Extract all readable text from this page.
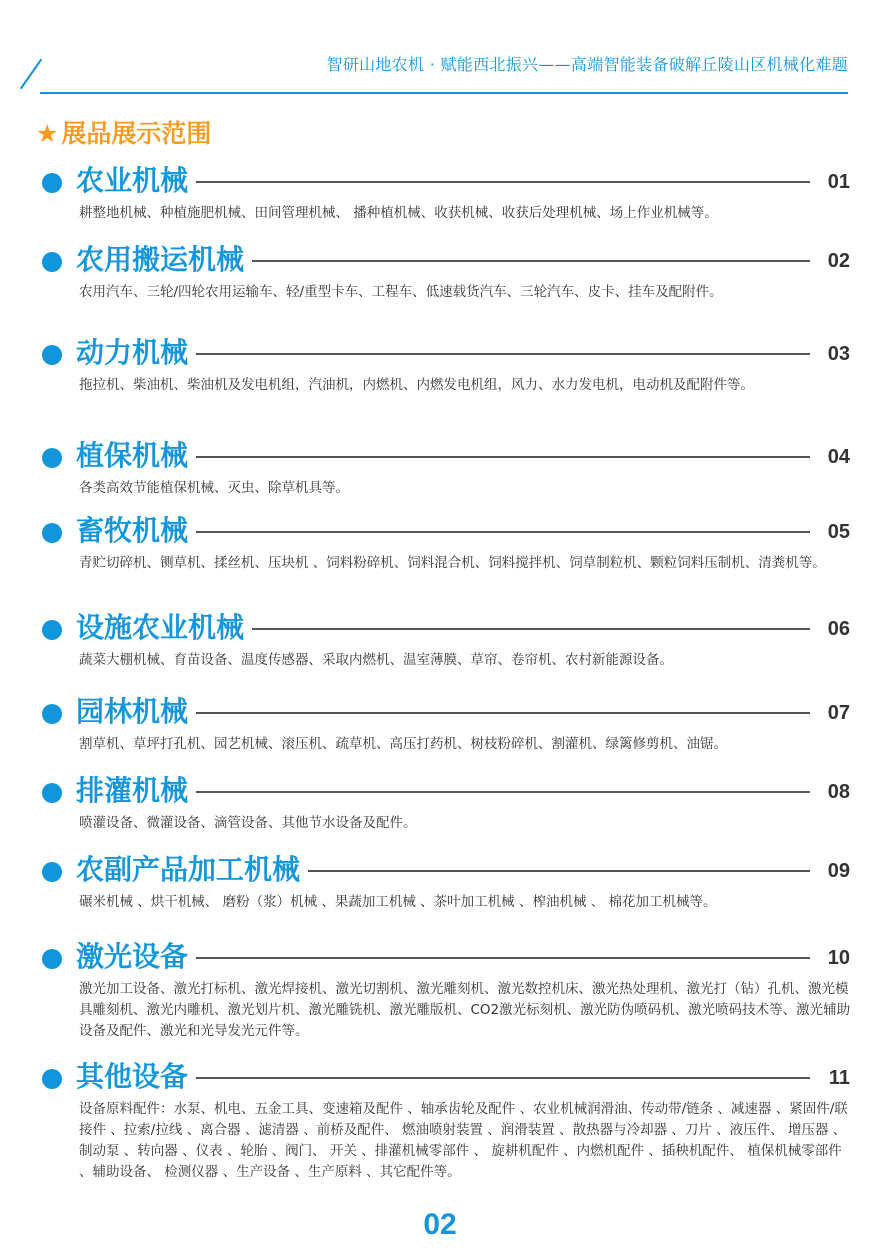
智研山地农机 · 赋能西北振兴——高端智能装备破解丘陵山区机械化难题
★ 展品展示范围
农业机械	01
耕整地机械、种植施肥机械、田间管理机械、 播种植机械、收获机械、收获后处理机械、场上作业机械等。
农用搬运机械	02
农用汽车、三轮/四轮农用运输车、轻/重型卡车、工程车、低速载货汽车、三轮汽车、皮卡、挂车及配附件。
动力机械	03
拖拉机、柴油机、柴油机及发电机组，汽油机，内燃机、内燃发电机组，风力、水力发电机，电动机及配附件等。
植保机械	04
各类高效节能植保机械、灭虫、除草机具等。
畜牧机械	05
青贮切碎机、铡草机、揉丝机、压块机 、饲料粉碎机、饲料混合机、饲料搅拌机、饲草制粒机、颗粒饲料压制机、清粪机等。
设施农业机械	06
蔬菜大棚机械、育苗设备、温度传感器、采取内燃机、温室薄膜、草帘、卷帘机、农村新能源设备。
园林机械	07
割草机、草坪打孔机、园艺机械、滚压机、疏草机、高压打药机、树枝粉碎机、割灌机、绿篱修剪机、油锯。
排灌机械	08
喷灌设备、微灌设备、滴管设备、其他节水设备及配件。
农副产品加工机械	09
碾米机械 、烘干机械、 磨粉（浆）机械 、果蔬加工机械 、茶叶加工机械 、榨油机械 、 棉花加工机械等。
激光设备	10
激光加工设备、激光打标机、激光焊接机、激光切割机、激光雕刻机、激光数控机床、激光热处理机、激光打（钻）孔机、激光模具雕刻机、激光内雕机、激光划片机、激光雕铣机、激光雕版机、CO2激光标刻机、激光防伪喷码机、激光喷码技术等、激光辅助设备及配件、激光和光导发光元件等。
其他设备	11
设备原料配件：水泵、机电、五金工具、变速箱及配件 、轴承齿轮及配件 、农业机械润滑油、传动带/链条 、减速器 、紧固件/联接件 、拉索/拉线 、离合器 、滤清器 、前桥及配件、 燃油喷射装置 、润滑装置 、散热器与冷却器 、刀片 、液压件、 增压器 、制动泵 、转向器 、仪表 、轮胎 、阀门、 开关 、排灌机械零部件 、 旋耕机配件 、内燃机配件 、插秧机配件、 植保机械零部件 、辅助设备、 检测仪器 、生产设备 、生产原料 、其它配件等。
02
